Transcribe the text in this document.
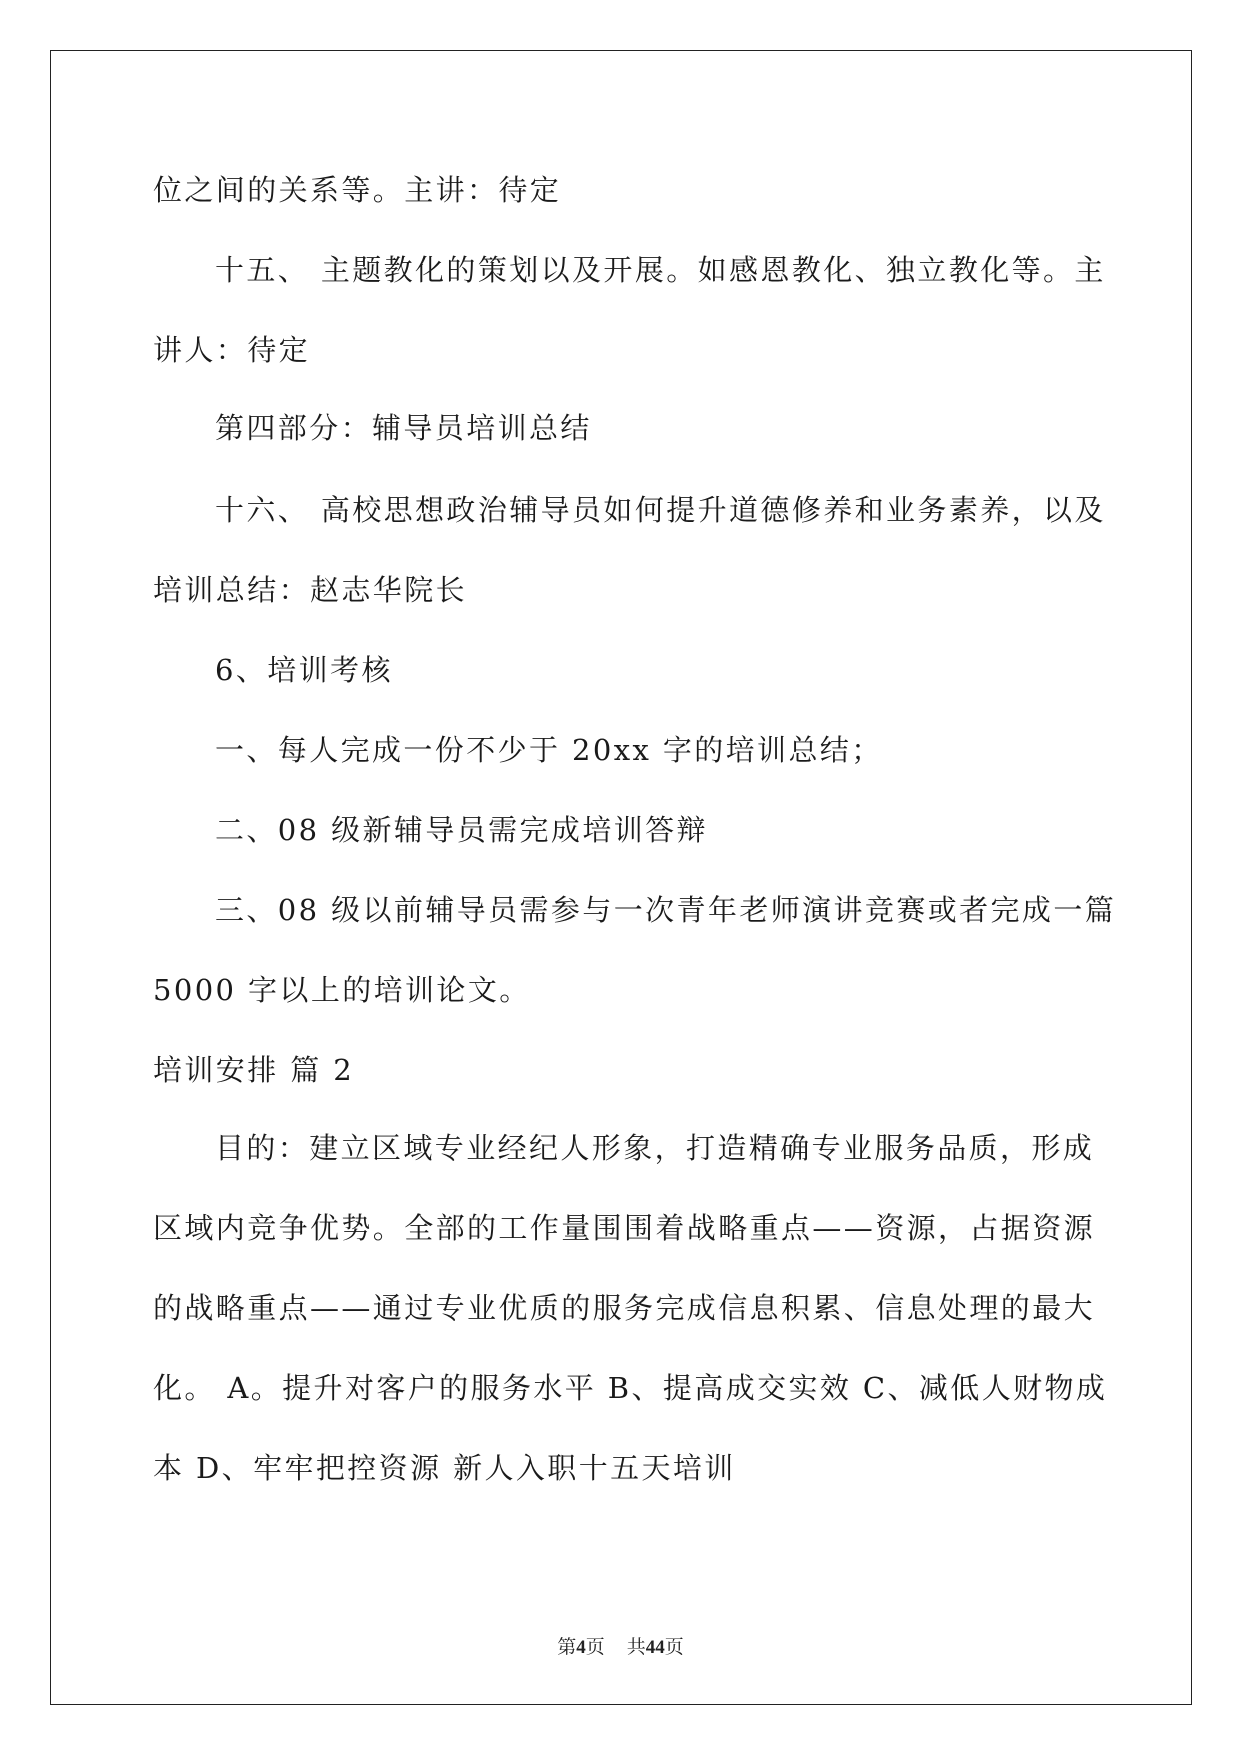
位之间的关系等。主讲：待定
十五、 主题教化的策划以及开展。如感恩教化、独立教化等。主
讲人：待定
第四部分：辅导员培训总结
十六、 高校思想政治辅导员如何提升道德修养和业务素养，以及
培训总结：赵志华院长
6、培训考核
一、每人完成一份不少于 20xx 字的培训总结；
二、08 级新辅导员需完成培训答辩
三、08 级以前辅导员需参与一次青年老师演讲竞赛或者完成一篇
5000 字以上的培训论文。
培训安排 篇 2
目的：建立区域专业经纪人形象，打造精确专业服务品质，形成
区域内竞争优势。全部的工作量围围着战略重点——资源，占据资源
的战略重点——通过专业优质的服务完成信息积累、信息处理的最大
化。 A。提升对客户的服务水平 B、提高成交实效 C、减低人财物成
本 D、牢牢把控资源 新人入职十五天培训
第4页 共44页
